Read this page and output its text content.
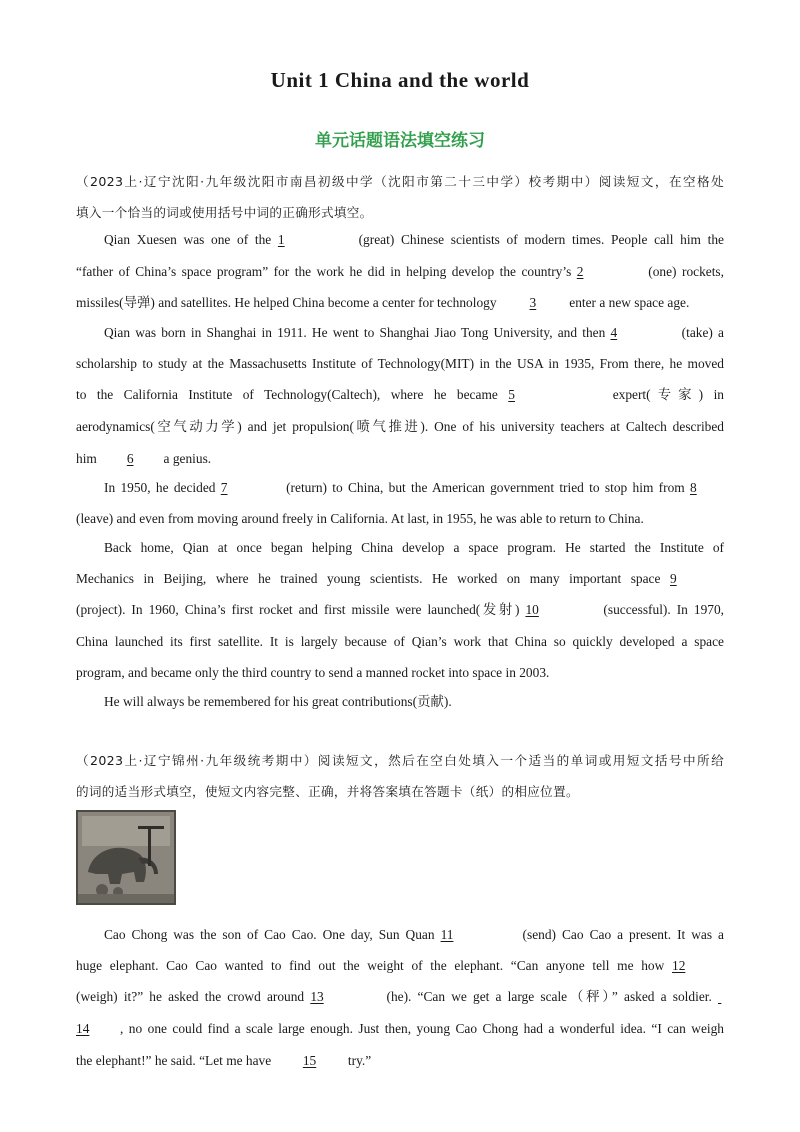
Unit 1 China and the world
单元话题语法填空练习
（2023上·辽宁沈阳·九年级沈阳市南昌初级中学（沈阳市第二十三中学）校考期中）阅读短文，在空格处
填入一个恰当的词或使用括号中词的正确形式填空。
Qian Xuesen was one of the 1	(great) Chinese scientists of modern times. People call him the
“father of China’s space program” for the work he did in helping develop the country’s 2	(one) rockets,
missiles(导弹) and satellites. He helped China become a center for technology 3 enter a new space age.
Qian was born in Shanghai in 1911. He went to Shanghai Jiao Tong University, and then 4	(take) a
scholarship to study at the Massachusetts Institute of Technology(MIT) in the USA in 1935, From there, he moved
to the California Institute of Technology(Caltech), where he became 5	expert(专家) in
aerodynamics(空气动力学) and jet propulsion(喷气推进). One of his university teachers at Caltech described
him 6 a genius.
In 1950, he decided 7	(return) to China, but the American government tried to stop him from 8
(leave) and even from moving around freely in California. At last, in 1955, he was able to return to China.
Back home, Qian at once began helping China develop a space program. He started the Institute of
Mechanics in Beijing, where he trained young scientists. He worked on many important space 9
(project). In 1960, China’s first rocket and first missile were launched(发射) 10	(successful). In 1970,
China launched its first satellite. It is largely because of Qian’s work that China so quickly developed a space
program, and became only the third country to send a manned rocket into space in 2003.
He will always be remembered for his great contributions(贡献).
（2023上·辽宁锦州·九年级统考期中）阅读短文，然后在空白处填入一个适当的单词或用短文括号中所给
的词的适当形式填空，使短文内容完整、正确，并将答案填在答题卡（纸）的相应位置。
Cao Chong was the son of Cao Cao. One day, Sun Quan 11	(send) Cao Cao a present. It was a
huge elephant. Cao Cao wanted to find out the weight of the elephant. “Can anyone tell me how 12
(weigh) it?” he asked the crowd around 13	(he). “Can we get a large scale（秤）” asked a soldier.
14 , no one could find a scale large enough. Just then, young Cao Chong had a wonderful idea. “I can weigh
the elephant!” he said. “Let me have 15 try.”
